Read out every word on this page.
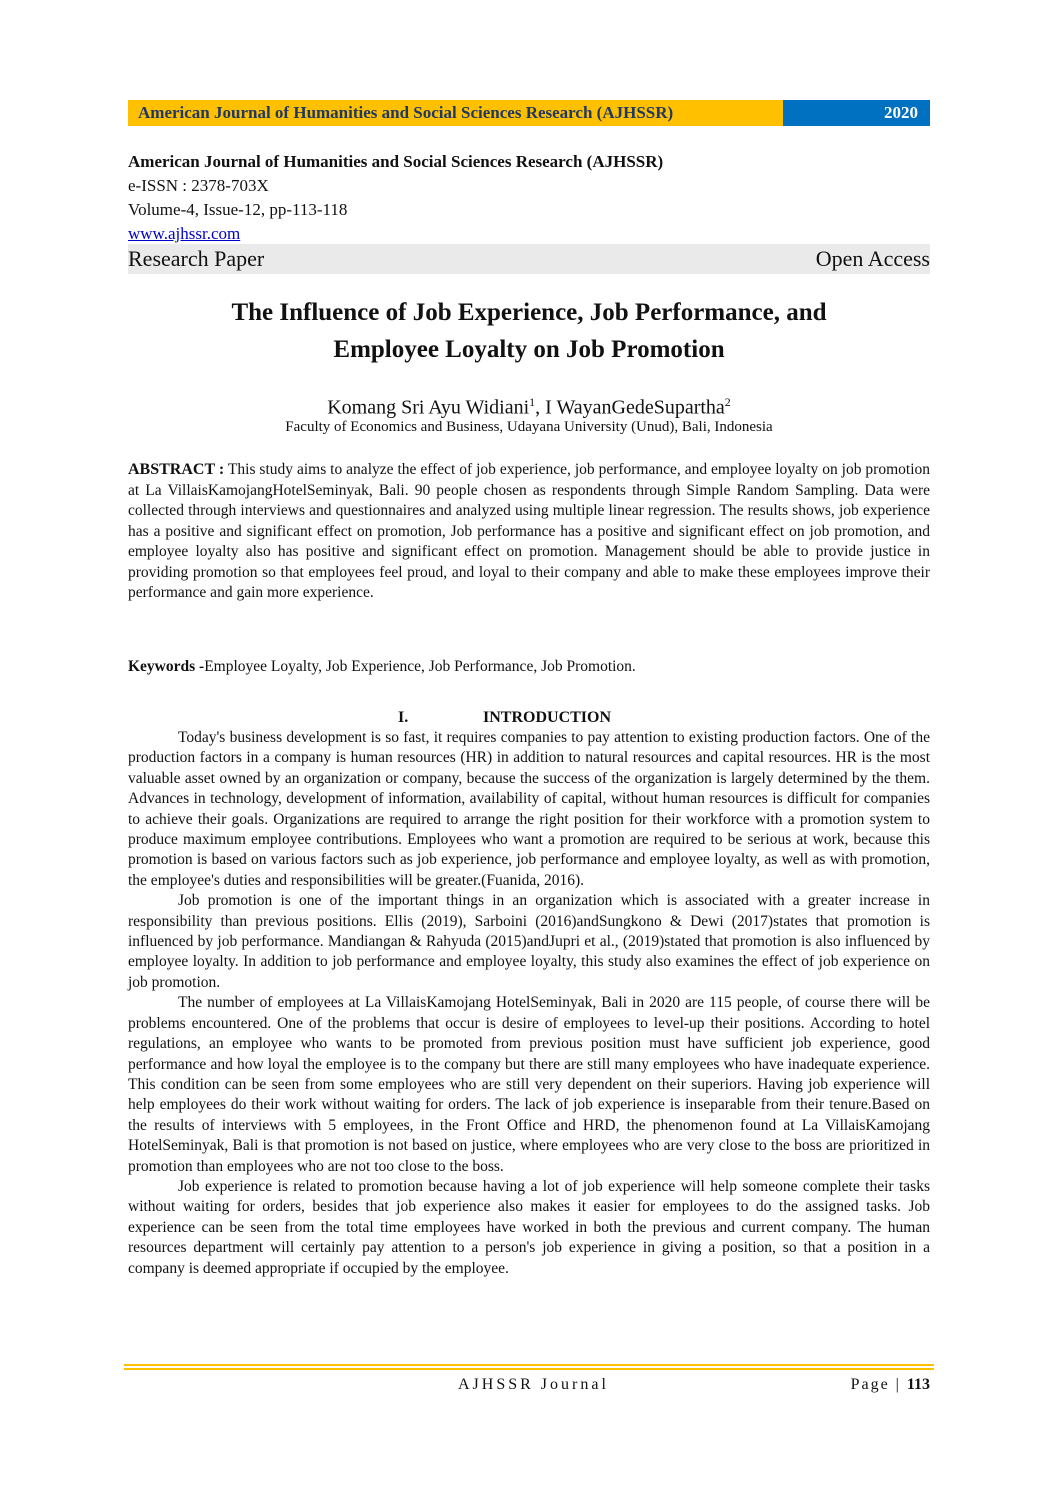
American Journal of Humanities and Social Sciences Research (AJHSSR)	2020
American Journal of Humanities and Social Sciences Research (AJHSSR)
e-ISSN : 2378-703X
Volume-4, Issue-12, pp-113-118
www.ajhssr.com
Research Paper	Open Access
The Influence of Job Experience, Job Performance, and
Employee Loyalty on Job Promotion
Komang Sri Ayu Widiani$^1$, I WayanGedeSupartha$^2$
Faculty of Economics and Business, Udayana University (Unud), Bali, Indonesia
ABSTRACT : This study aims to analyze the effect of job experience, job performance, and employee loyalty on job promotion at La VillaisKamojangHotelSeminyak, Bali. 90 people chosen as respondents through Simple Random Sampling. Data were collected through interviews and questionnaires and analyzed using multiple linear regression. The results shows, job experience has a positive and significant effect on promotion, Job performance has a positive and significant effect on job promotion, and employee loyalty also has positive and significant effect on promotion. Management should be able to provide justice in providing promotion so that employees feel proud, and loyal to their company and able to make these employees improve their performance and gain more experience.
Keywords -Employee Loyalty, Job Experience, Job Performance, Job Promotion.
I.	INTRODUCTION

Today's business development is so fast, it requires companies to pay attention to existing production factors. One of the production factors in a company is human resources (HR) in addition to natural resources and capital resources. HR is the most valuable asset owned by an organization or company, because the success of the organization is largely determined by the them. Advances in technology, development of information, availability of capital, without human resources is difficult for companies to achieve their goals. Organizations are required to arrange the right position for their workforce with a promotion system to produce maximum employee contributions. Employees who want a promotion are required to be serious at work, because this promotion is based on various factors such as job experience, job performance and employee loyalty, as well as with promotion, the employee's duties and responsibilities will be greater.(Fuanida, 2016).

Job promotion is one of the important things in an organization which is associated with a greater increase in responsibility than previous positions. Ellis (2019), Sarboini (2016)andSungkono & Dewi (2017)states that promotion is influenced by job performance. Mandiangan & Rahyuda (2015)andJupri et al., (2019)stated that promotion is also influenced by employee loyalty. In addition to job performance and employee loyalty, this study also examines the effect of job experience on job promotion.

The number of employees at La VillaisKamojang HotelSeminyak, Bali in 2020 are 115 people, of course there will be problems encountered. One of the problems that occur is desire of employees to level-up their positions. According to hotel regulations, an employee who wants to be promoted from previous position must have sufficient job experience, good performance and how loyal the employee is to the company but there are still many employees who have inadequate experience. This condition can be seen from some employees who are still very dependent on their superiors. Having job experience will help employees do their work without waiting for orders. The lack of job experience is inseparable from their tenure.Based on the results of interviews with 5 employees, in the Front Office and HRD, the phenomenon found at La VillaisKamojang HotelSeminyak, Bali is that promotion is not based on justice, where employees who are very close to the boss are prioritized in promotion than employees who are not too close to the boss.

Job experience is related to promotion because having a lot of job experience will help someone complete their tasks without waiting for orders, besides that job experience also makes it easier for employees to do the assigned tasks. Job experience can be seen from the total time employees have worked in both the previous and current company. The human resources department will certainly pay attention to a person's job experience in giving a position, so that a position in a company is deemed appropriate if occupied by the employee.

AJHSSR Journal	Page | 113
